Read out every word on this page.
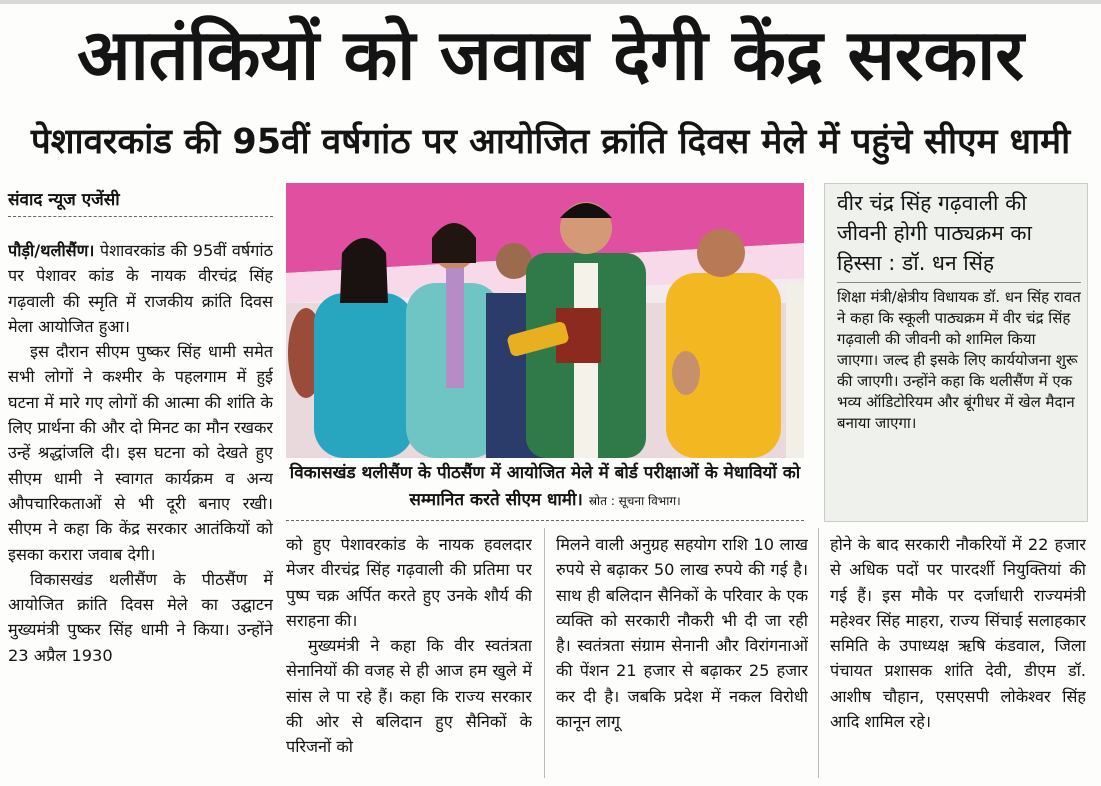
आतंकियों को जवाब देगी केंद्र सरकार
पेशावरकांड की 95वीं वर्षगांठ पर आयोजित क्रांति दिवस मेले में पहुंचे सीएम धामी
संवाद न्यूज एजेंसी

पौड़ी/थलीसैंण। पेशावरकांड की 95वीं वर्षगांठ पर पेशावर कांड के नायक वीरचंद्र सिंह गढ़वाली की स्मृति में राजकीय क्रांति दिवस मेला आयोजित हुआ।

इस दौरान सीएम पुष्कर सिंह धामी समेत सभी लोगों ने कश्मीर के पहलगाम में हुई घटना में मारे गए लोगों की आत्मा की शांति के लिए प्रार्थना की और दो मिनट का मौन रखकर उन्हें श्रद्धांजलि दी। इस घटना को देखते हुए सीएम धामी ने स्वागत कार्यक्रम व अन्य औपचारिकताओं से भी दूरी बनाए रखी। सीएम ने कहा कि केंद्र सरकार आतंकियों को इसका करारा जवाब देगी।

विकासखंड थलीसैंण के पीठसैंण में आयोजित क्रांति दिवस मेले का उद्घाटन मुख्यमंत्री पुष्कर सिंह धामी ने किया। उन्होंने 23 अप्रैल 1930

विकासखंड थलीसैंण के पीठसैंण में आयोजित मेले में बोर्ड परीक्षाओं के मेधावियों को सम्मानित करते सीएम धामी। स्रोत : सूचना विभाग।
वीर चंद्र सिंह गढ़वाली की जीवनी होगी पाठ्यक्रम का हिस्सा : डॉ. धन सिंह
शिक्षा मंत्री/क्षेत्रीय विधायक डॉ. धन सिंह रावत ने कहा कि स्कूली पाठ्यक्रम में वीर चंद्र सिंह गढ़वाली की जीवनी को शामिल किया जाएगा। जल्द ही इसके लिए कार्ययोजना शुरू की जाएगी। उन्होंने कहा कि थलीसैंण में एक भव्य ऑडिटोरियम और बूंगीधर में खेल मैदान बनाया जाएगा।

को हुए पेशावरकांड के नायक हवलदार मेजर वीरचंद्र सिंह गढ़वाली की प्रतिमा पर पुष्प चक्र अर्पित करते हुए उनके शौर्य की सराहना की।

मुख्यमंत्री ने कहा कि वीर स्वतंत्रता सेनानियों की वजह से ही आज हम खुले में सांस ले पा रहे हैं। कहा कि राज्य सरकार की ओर से बलिदान हुए सैनिकों के परिजनों को

मिलने वाली अनुग्रह सहयोग राशि 10 लाख रुपये से बढ़ाकर 50 लाख रुपये की गई है। साथ ही बलिदान सैनिकों के परिवार के एक व्यक्ति को सरकारी नौकरी भी दी जा रही है। स्वतंत्रता संग्राम सेनानी और विरांगनाओं की पेंशन 21 हजार से बढ़ाकर 25 हजार कर दी है। जबकि प्रदेश में नकल विरोधी कानून लागू

होने के बाद सरकारी नौकरियों में 22 हजार से अधिक पदों पर पारदर्शी नियुक्तियां की गई हैं। इस मौके पर दर्जाधारी राज्यमंत्री महेश्वर सिंह माहरा, राज्य सिंचाई सलाहकार समिति के उपाध्यक्ष ऋषि कंडवाल, जिला पंचायत प्रशासक शांति देवी, डीएम डॉ. आशीष चौहान, एसएसपी लोकेश्वर सिंह आदि शामिल रहे।
